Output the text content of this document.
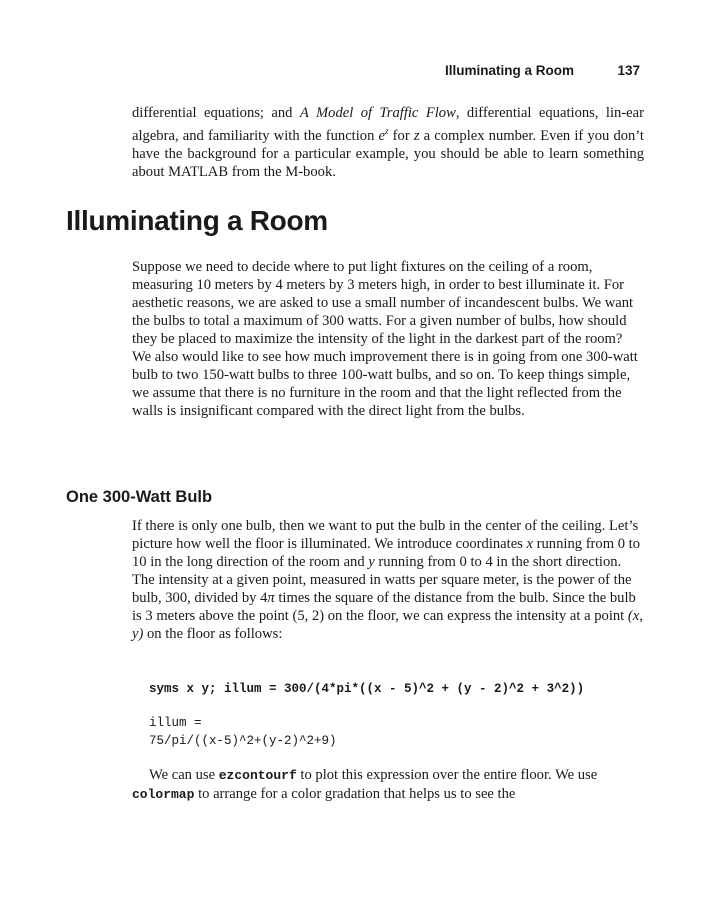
Illuminating a Room	137

differential equations; and A Model of Traffic Flow, differential equations, lin-ear algebra, and familiarity with the function $e^z$ for z a complex number. Even if you don’t have the background for a particular example, you should be able to learn something about MATLAB from the M-book.

Illuminating a Room

Suppose we need to decide where to put light fixtures on the ceiling of a room, measuring 10 meters by 4 meters by 3 meters high, in order to best illuminate it. For aesthetic reasons, we are asked to use a small number of incandescent bulbs. We want the bulbs to total a maximum of 300 watts. For a given number of bulbs, how should they be placed to maximize the intensity of the light in the darkest part of the room? We also would like to see how much improvement there is in going from one 300-watt bulb to two 150-watt bulbs to three 100-watt bulbs, and so on. To keep things simple, we assume that there is no furniture in the room and that the light reflected from the walls is insignificant compared with the direct light from the bulbs.

One 300-Watt Bulb

If there is only one bulb, then we want to put the bulb in the center of the ceiling. Let’s picture how well the floor is illuminated. We introduce coordinates x running from 0 to 10 in the long direction of the room and y running from 0 to 4 in the short direction. The intensity at a given point, measured in watts per square meter, is the power of the bulb, 300, divided by 4π times the square of the distance from the bulb. Since the bulb is 3 meters above the point (5, 2) on the floor, we can express the intensity at a point (x, y) on the floor as follows:

syms x y; illum = 300/(4*pi*((x - 5)^2 + (y - 2)^2 + 3^2))
illum =
75/pi/((x-5)^2+(y-2)^2+9)

We can use ezcontourf to plot this expression over the entire floor. We use colormap to arrange for a color gradation that helps us to see the
